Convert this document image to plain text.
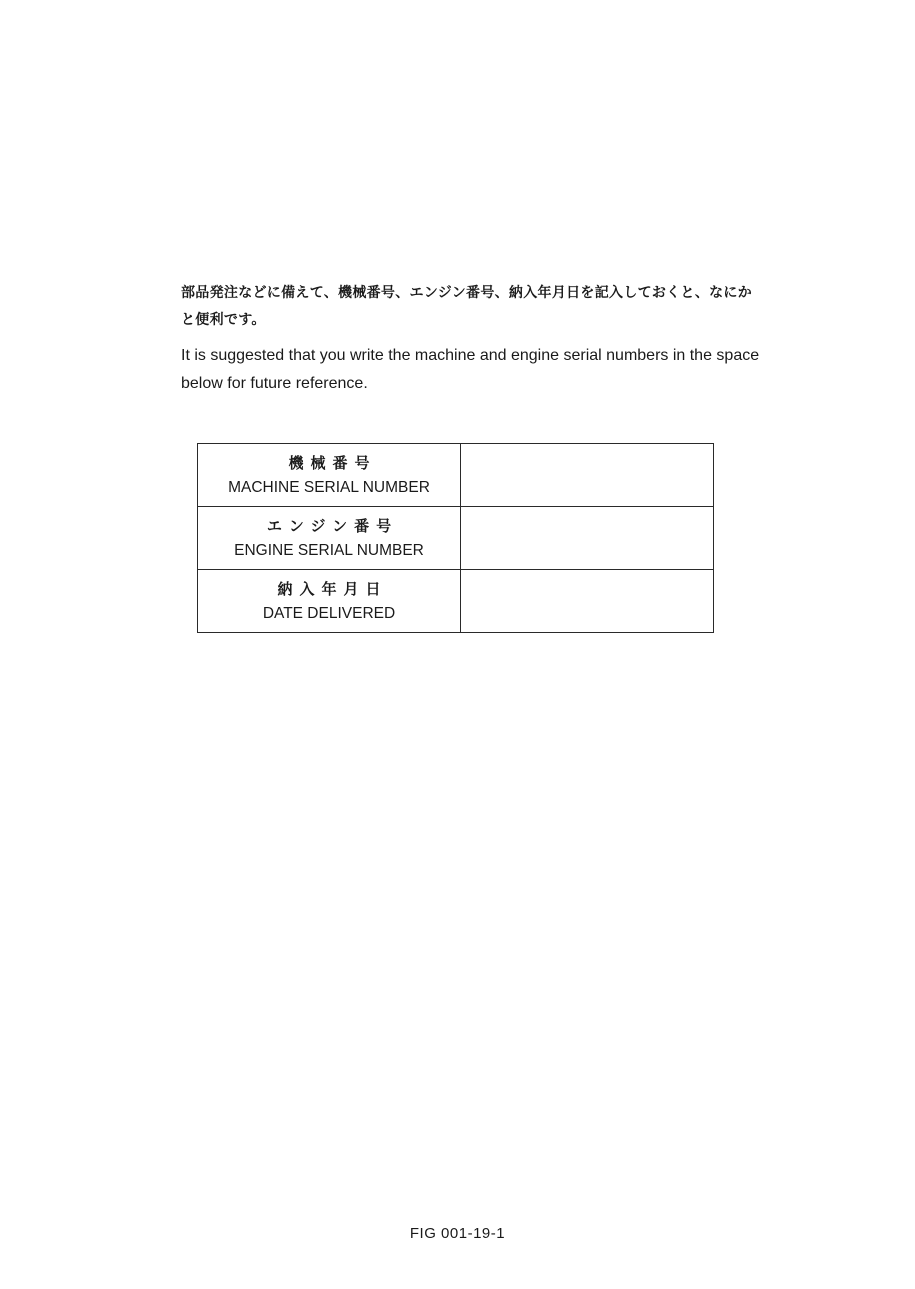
部品発注などに備えて、機械番号、エンジン番号、納入年月日を記入しておくと、なにかと便利です。

It is suggested that you write the machine and engine serial numbers in the space below for future reference.

機械番号
MACHINE SERIAL NUMBER	

エンジン番号
ENGINE SERIAL NUMBER	

納入年月日
DATE DELIVERED	

FIG 001-19-1
